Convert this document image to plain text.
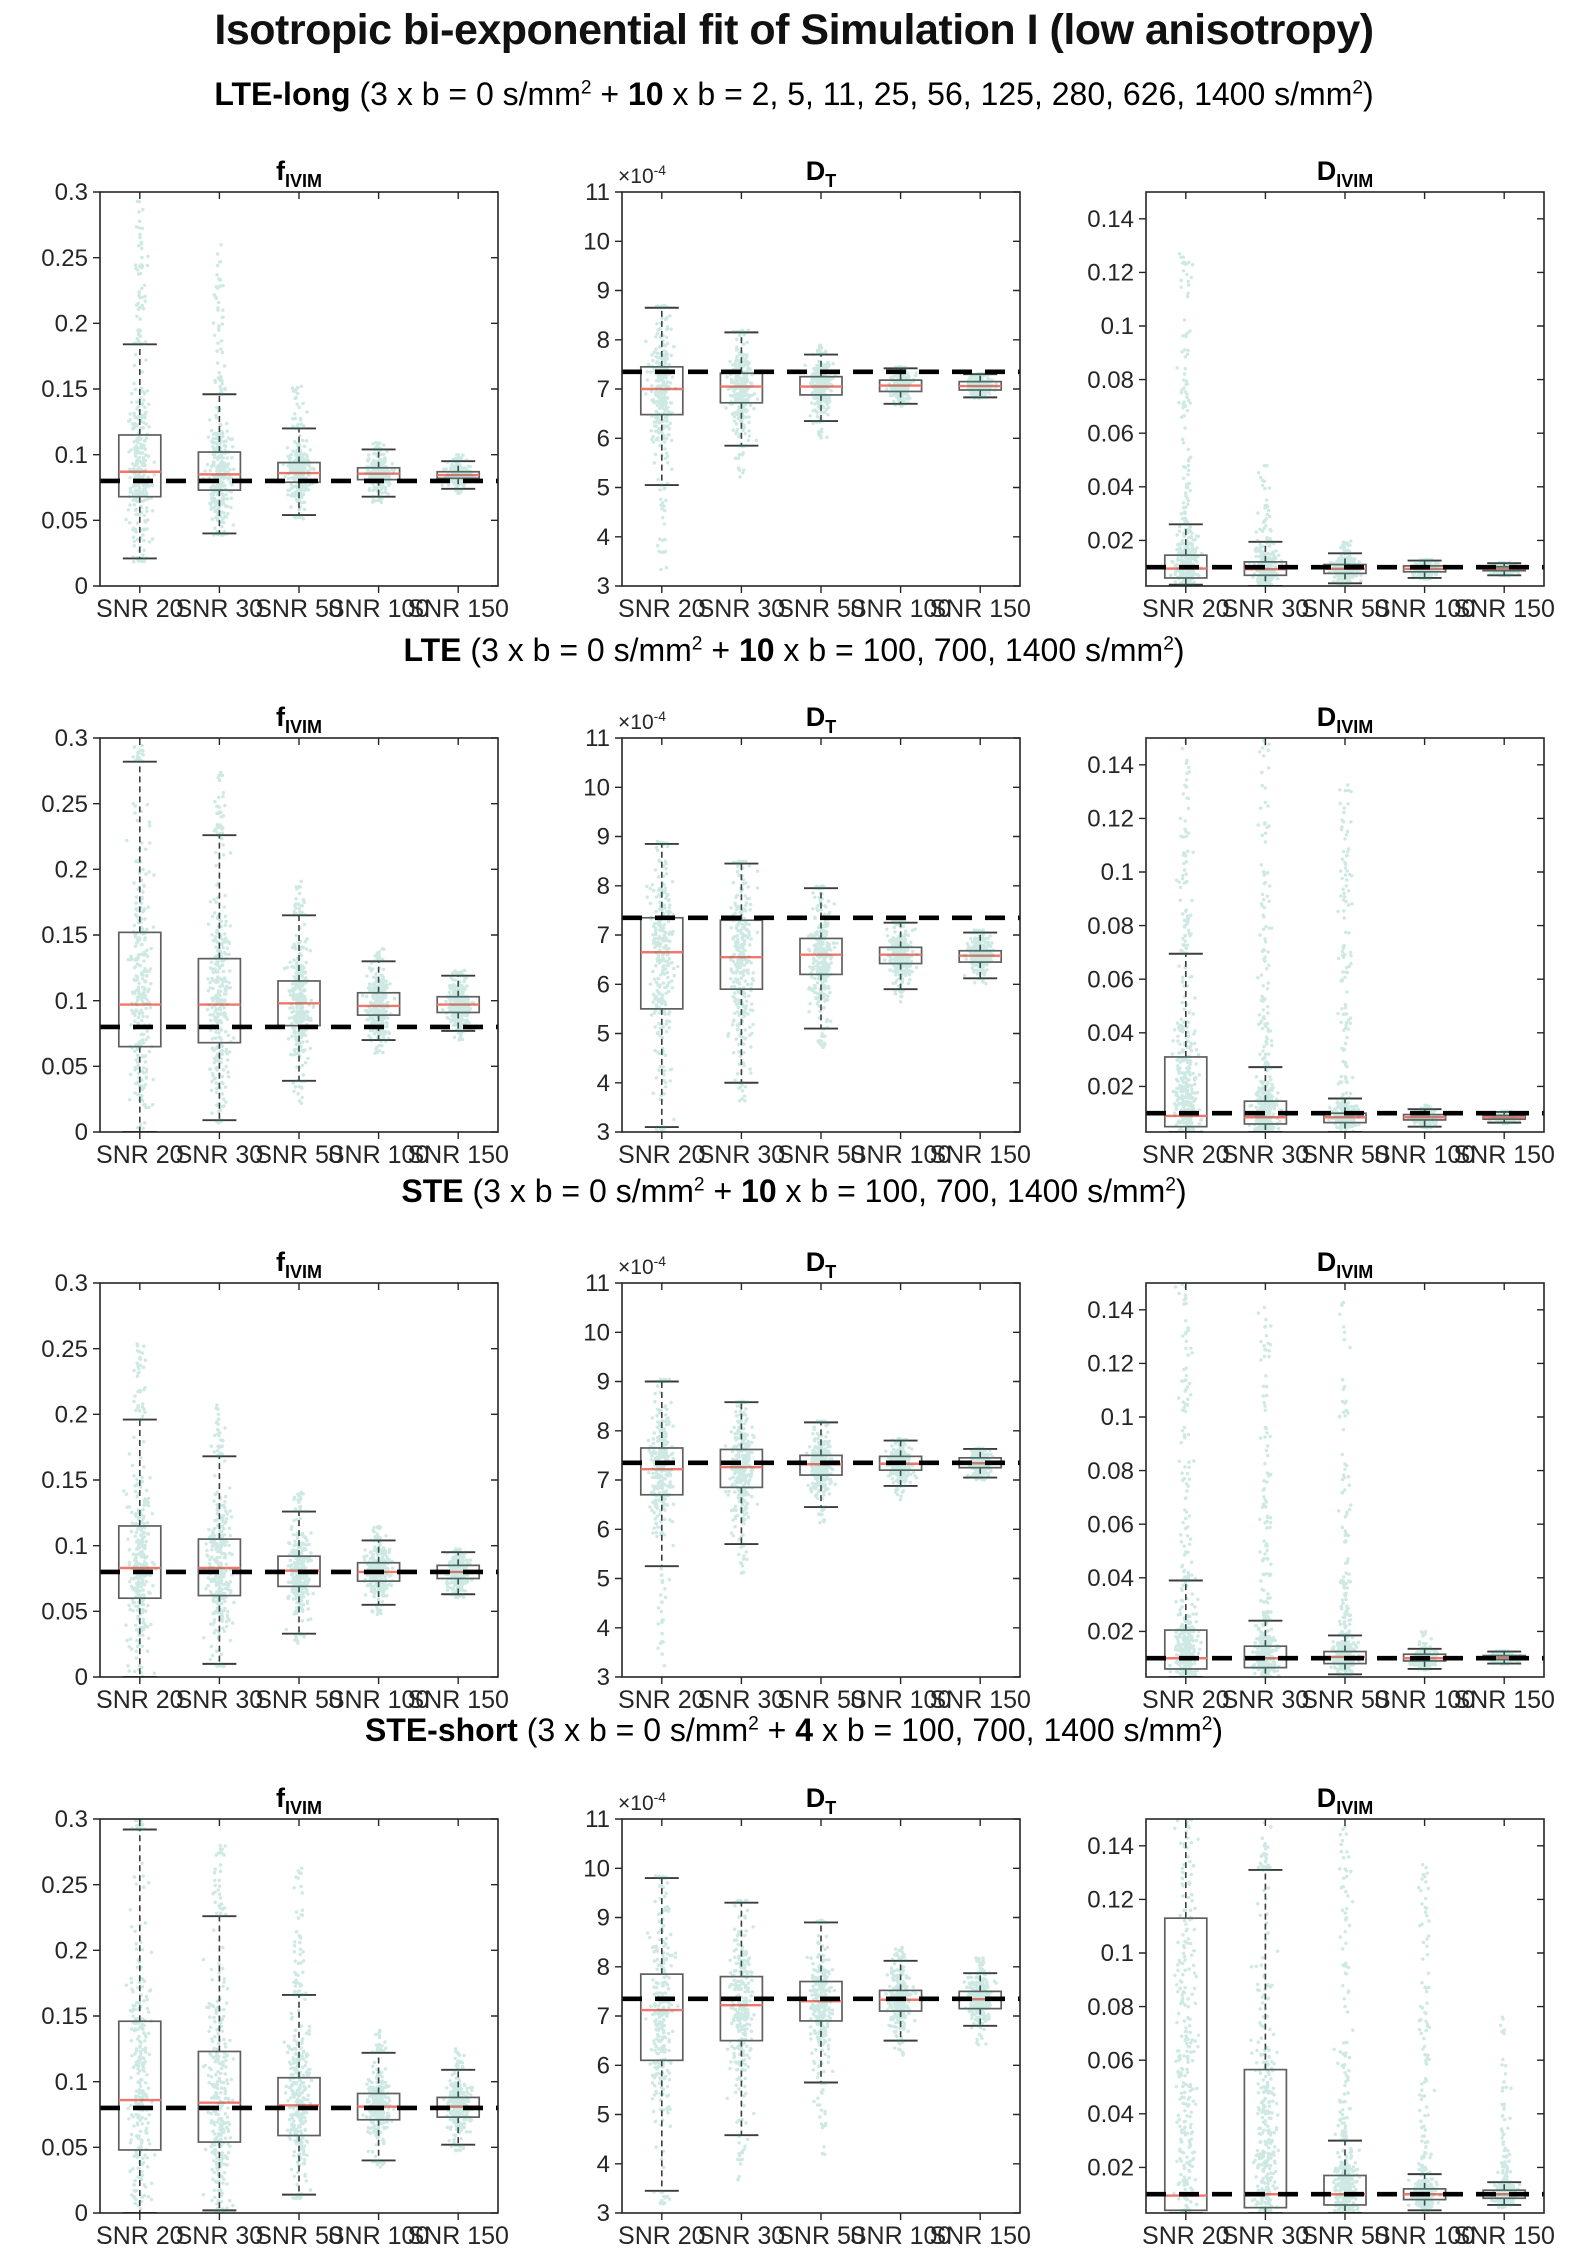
Isotropic bi-exponential fit of Simulation I (low anisotropy)
LTE-long (3 x b = 0 $s/mm^2 + 10$ x b = 2, 5, 11, 25, 56, 125, 280, 626, 1400 $s/mm^2$)
LTE (3 x b = 0 $s/mm^2 + 10$ x b = 100, 700, 1400 $s/mm^2$)
STE (3 x b = 0 $s/mm^2 + 10$ x b = 100, 700, 1400 $s/mm^2$)
STE-short (3 x b = 0 $s/mm^2 + 4$ x b = 100, 700, 1400 $s/mm^2$)
0
0.05
0.1
0.15
0.2
0.25
0.3
SNR 20
SNR 30
SNR 50
SNR 100
SNR 150
$f_{IVIM}$
3
4
5
6
7
8
9
10
11
SNR 20
SNR 30
SNR 50
SNR 100
SNR 150
$D_T$
$\times 10^{-4}$
0.02
0.04
0.06
0.08
0.1
0.12
0.14
SNR 20
SNR 30
SNR 50
SNR 100
SNR 150
$D_{IVIM}$
0
0.05
0.1
0.15
0.2
0.25
0.3
SNR 20
SNR 30
SNR 50
SNR 100
SNR 150
$f_{IVIM}$
3
4
5
6
7
8
9
10
11
SNR 20
SNR 30
SNR 50
SNR 100
SNR 150
$D_T$
$\times 10^{-4}$
0.02
0.04
0.06
0.08
0.1
0.12
0.14
SNR 20
SNR 30
SNR 50
SNR 100
SNR 150
$D_{IVIM}$
0
0.05
0.1
0.15
0.2
0.25
0.3
SNR 20
SNR 30
SNR 50
SNR 100
SNR 150
$f_{IVIM}$
3
4
5
6
7
8
9
10
11
SNR 20
SNR 30
SNR 50
SNR 100
SNR 150
$D_T$
$\times 10^{-4}$
0.02
0.04
0.06
0.08
0.1
0.12
0.14
SNR 20
SNR 30
SNR 50
SNR 100
SNR 150
$D_{IVIM}$
0
0.05
0.1
0.15
0.2
0.25
0.3
SNR 20
SNR 30
SNR 50
SNR 100
SNR 150
$f_{IVIM}$
3
4
5
6
7
8
9
10
11
SNR 20
SNR 30
SNR 50
SNR 100
SNR 150
$D_T$
$\times 10^{-4}$
0.02
0.04
0.06
0.08
0.1
0.12
0.14
SNR 20
SNR 30
SNR 50
SNR 100
SNR 150
$D_{IVIM}$
